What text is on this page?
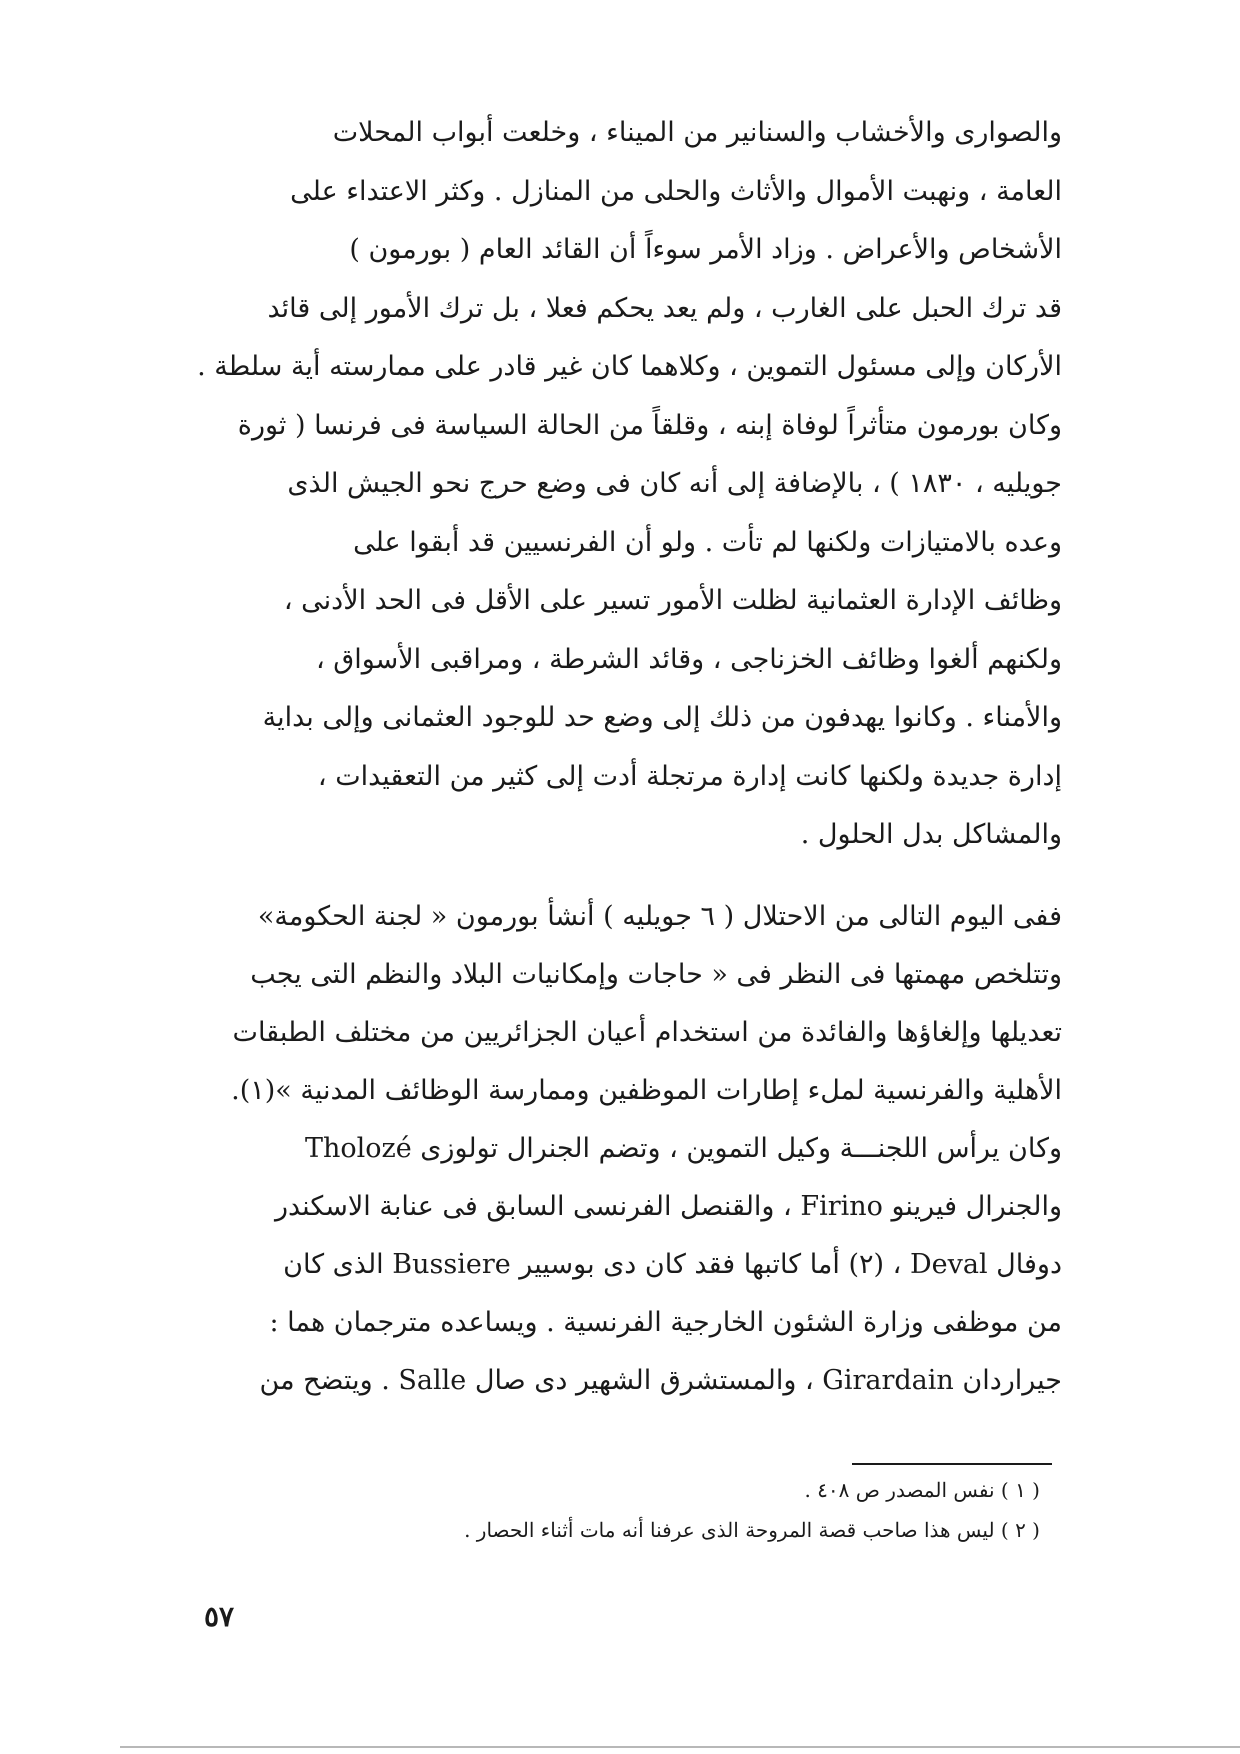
والصوارى والأخشاب والسنانير من الميناء ، وخلعت أبواب المحلات
العامة ، ونهبت الأموال والأثاث والحلى من المنازل . وكثر الاعتداء على
الأشخاص والأعراض . وزاد الأمر سوءاً أن القائد العام ( بورمون )
قد ترك الحبل على الغارب ، ولم يعد يحكم فعلا ، بل ترك الأمور إلى قائد
الأركان وإلى مسئول التموين ، وكلاهما كان غير قادر على ممارسته أية سلطة .
وكان بورمون متأثراً لوفاة إبنه ، وقلقاً من الحالة السياسة فى فرنسا ( ثورة
جويليه ، ١٨٣٠ ) ، بالإضافة إلى أنه كان فى وضع حرج نحو الجيش الذى
وعده بالامتيازات ولكنها لم تأت . ولو أن الفرنسيين قد أبقوا على
وظائف الإدارة العثمانية لظلت الأمور تسير على الأقل فى الحد الأدنى ،
ولكنهم ألغوا وظائف الخزناجى ، وقائد الشرطة ، ومراقبى الأسواق ،
والأمناء . وكانوا يهدفون من ذلك إلى وضع حد للوجود العثمانى وإلى بداية
إدارة جديدة ولكنها كانت إدارة مرتجلة أدت إلى كثير من التعقيدات ،
والمشاكل بدل الحلول .
ففى اليوم التالى من الاحتلال ( ٦ جويليه ) أنشأ بورمون « لجنة الحكومة»
وتتلخص مهمتها فى النظر فى « حاجات وإمكانيات البلاد والنظم التى يجب
تعديلها وإلغاؤها والفائدة من استخدام أعيان الجزائريين من مختلف الطبقات
الأهلية والفرنسية لملء إطارات الموظفين وممارسة الوظائف المدنية »(١).
وكان يرأس اللجنـــة وكيل التموين ، وتضم الجنرال تولوزى Tholozé
والجنرال فيرينو Firino ، والقنصل الفرنسى السابق فى عنابة الاسكندر
دوفال Deval ، (٢) أما كاتبها فقد كان دى بوسيير Bussiere الذى كان
من موظفى وزارة الشئون الخارجية الفرنسية . ويساعده مترجمان هما :
جيراردان Girardain ، والمستشرق الشهير دى صال Salle . ويتضح من
( ١ ) نفس المصدر ص ٤٠٨ .
( ٢ ) ليس هذا صاحب قصة المروحة الذى عرفنا أنه مات أثناء الحصار .
٥٧
